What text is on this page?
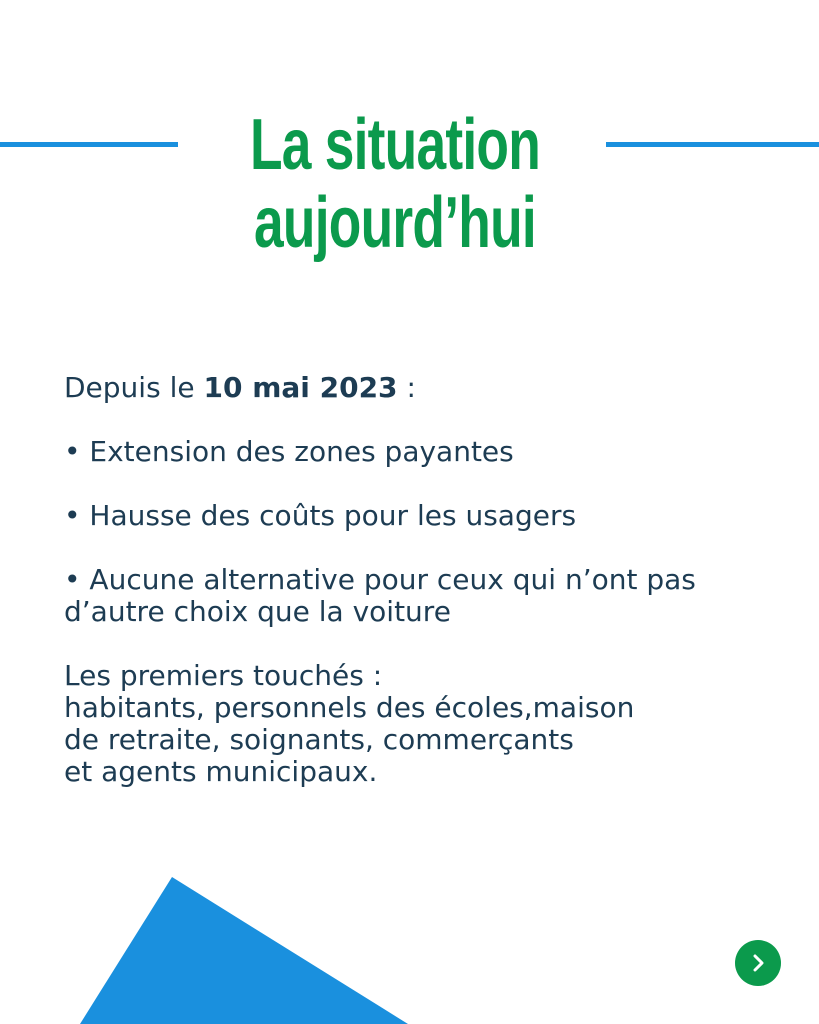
La situation
aujourd’hui

Depuis le 10 mai 2023 :

• Extension des zones payantes

• Hausse des coûts pour les usagers

• Aucune alternative pour ceux qui n’ont pas d’autre choix que la voiture

Les premiers touchés :

habitants, personnels des écoles,maison

de retraite, soignants, commerçants

et agents municipaux.
